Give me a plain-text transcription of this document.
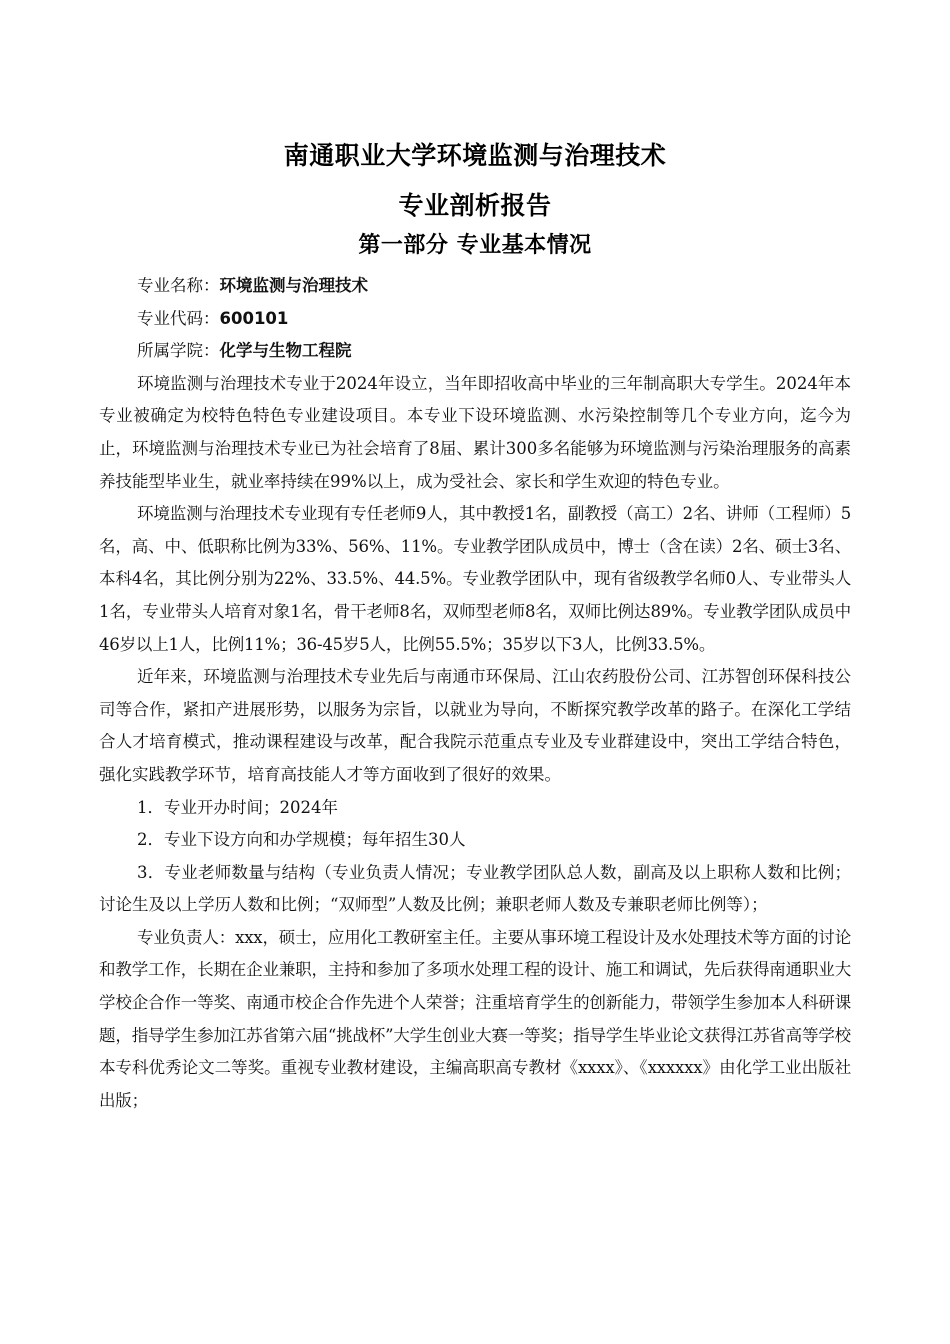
南通职业大学环境监测与治理技术
专业剖析报告
第一部分 专业基本情况

专业名称：环境监测与治理技术

专业代码：600101

所属学院：化学与生物工程院

环境监测与治理技术专业于2024年设立，当年即招收高中毕业的三年制高职大专学生。2024年本专业被确定为校特色特色专业建设项目。本专业下设环境监测、水污染控制等几个专业方向，迄今为止，环境监测与治理技术专业已为社会培育了8届、累计300多名能够为环境监测与污染治理服务的高素养技能型毕业生，就业率持续在99%以上，成为受社会、家长和学生欢迎的特色专业。

环境监测与治理技术专业现有专任老师9人，其中教授1名，副教授（高工）2名、讲师（工程师）5名，高、中、低职称比例为33%、56%、11%。专业教学团队成员中，博士（含在读）2名、硕士3名、本科4名，其比例分别为22%、33.5%、44.5%。专业教学团队中，现有省级教学名师0人、专业带头人1名，专业带头人培育对象1名，骨干老师8名，双师型老师8名，双师比例达89%。专业教学团队成员中46岁以上1人，比例11%；36-45岁5人，比例55.5%；35岁以下3人，比例33.5%。

近年来，环境监测与治理技术专业先后与南通市环保局、江山农药股份公司、江苏智创环保科技公司等合作，紧扣产进展形势，以服务为宗旨，以就业为导向，不断探究教学改革的路子。在深化工学结合人才培育模式，推动课程建设与改革，配合我院示范重点专业及专业群建设中，突出工学结合特色，强化实践教学环节，培育高技能人才等方面收到了很好的效果。

1．专业开办时间；2024年

2．专业下设方向和办学规模；每年招生30人

3．专业老师数量与结构（专业负责人情况；专业教学团队总人数，副高及以上职称人数和比例；讨论生及以上学历人数和比例；“双师型”人数及比例；兼职老师人数及专兼职老师比例等）；

专业负责人：xxx，硕士，应用化工教研室主任。主要从事环境工程设计及水处理技术等方面的讨论和教学工作，长期在企业兼职，主持和参加了多项水处理工程的设计、施工和调试，先后获得南通职业大学校企合作一等奖、南通市校企合作先进个人荣誉；注重培育学生的创新能力，带领学生参加本人科研课题，指导学生参加江苏省第六届“挑战杯”大学生创业大赛一等奖；指导学生毕业论文获得江苏省高等学校本专科优秀论文二等奖。重视专业教材建设，主编高职高专教材《xxxx》、《xxxxxx》由化学工业出版社出版；
